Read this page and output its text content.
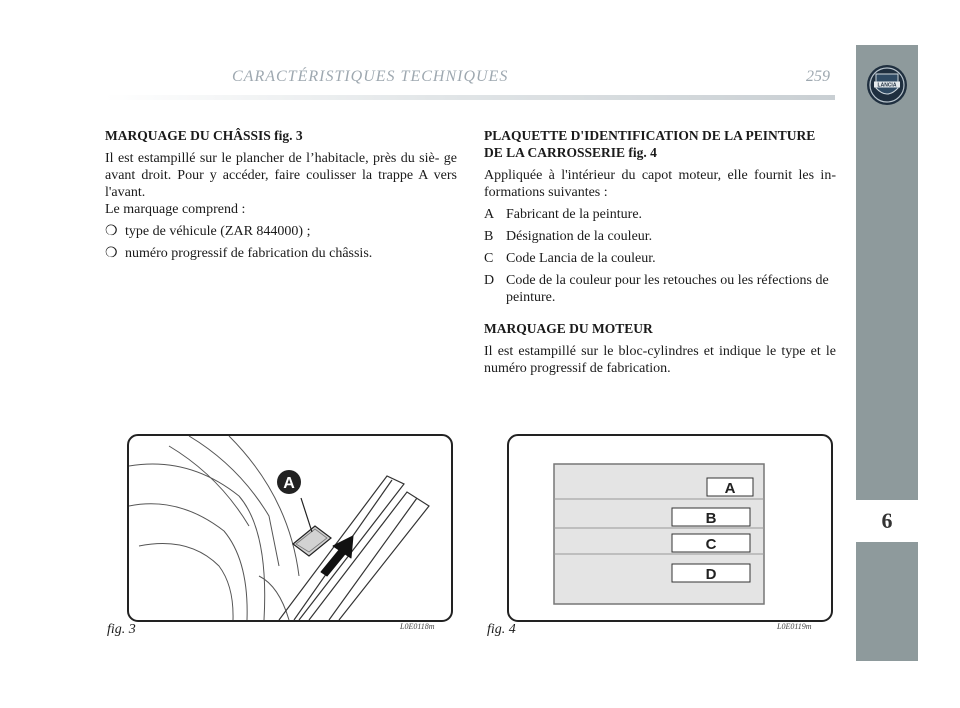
CARACTÉRISTIQUES TECHNIQUES	259
LANCIA
6
MARQUAGE DU CHÂSSIS fig. 3

Il est estampillé sur le plancher de l’habitacle, près du siè- ge avant droit. Pour y accéder, faire coulisser la trappe A vers l'avant.

Le marquage comprend :

❍ type de véhicule (ZAR 844000) ;
❍ numéro progressif de fabrication du châssis.
PLAQUETTE D'IDENTIFICATION DE LA PEINTURE DE LA CARROSSERIE fig. 4

Appliquée à l'intérieur du capot moteur, elle fournit les in- formations suivantes :

A Fabricant de la peinture.
B Désignation de la couleur.
C Code Lancia de la couleur.
D Code de la couleur pour les retouches ou les réfections de peinture.
MARQUAGE DU MOTEUR

Il est estampillé sur le bloc-cylindres et indique le type et le numéro progressif de fabrication.

A
fig. 3	L0E0118m
A
B
C
D
fig. 4	L0E0119m
